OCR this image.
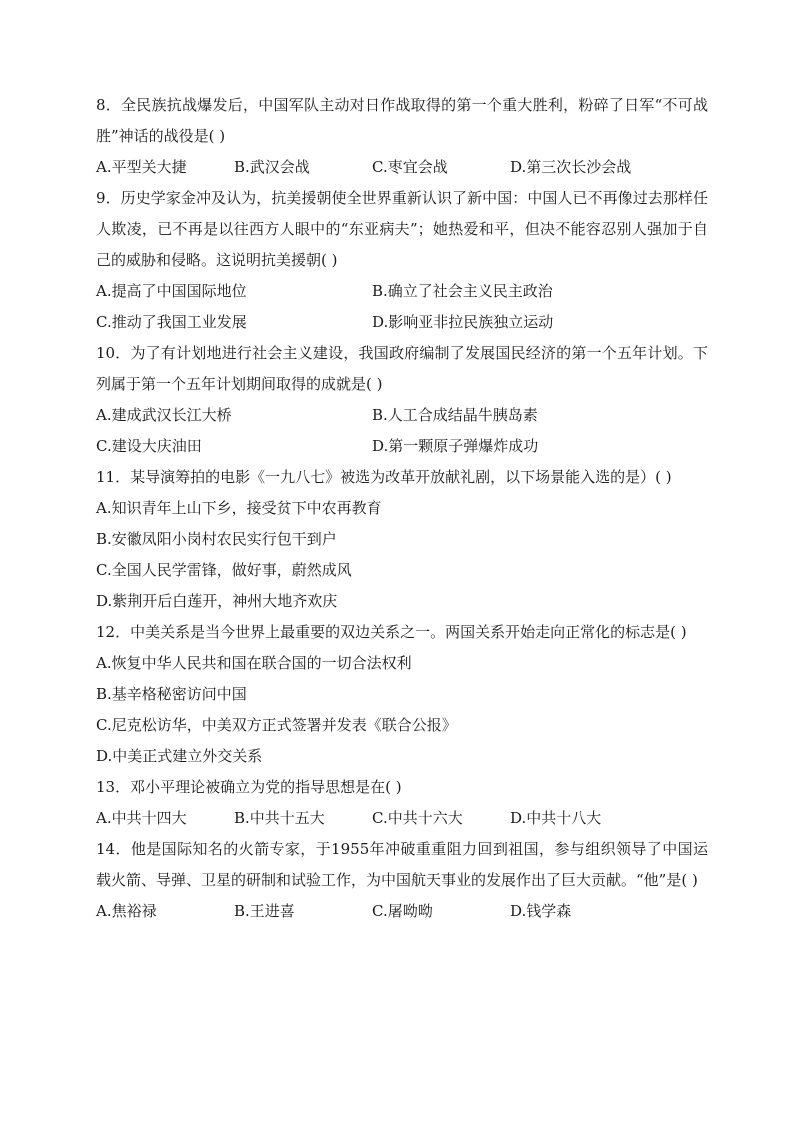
8．全民族抗战爆发后，中国军队主动对日作战取得的第一个重大胜利，粉碎了日军“不可战胜”神话的战役是( )

A.平型关大捷	B.武汉会战	C.枣宜会战	D.第三次长沙会战

9．历史学家金冲及认为，抗美援朝使全世界重新认识了新中国：中国人已不再像过去那样任人欺凌，已不再是以往西方人眼中的“东亚病夫”；她热爱和平，但决不能容忍别人强加于自己的威胁和侵略。这说明抗美援朝( )

A.提高了中国国际地位	B.确立了社会主义民主政治
C.推动了我国工业发展	D.影响亚非拉民族独立运动

10．为了有计划地进行社会主义建设，我国政府编制了发展国民经济的第一个五年计划。下列属于第一个五年计划期间取得的成就是( )

A.建成武汉长江大桥	B.人工合成结晶牛胰岛素
C.建设大庆油田	D.第一颗原子弹爆炸成功

11．某导演筹拍的电影《一九八七》被选为改革开放献礼剧，以下场景能入选的是）( )

A.知识青年上山下乡，接受贫下中农再教育
B.安徽凤阳小岗村农民实行包干到户
C.全国人民学雷锋，做好事，蔚然成风
D.紫荆开后白莲开，神州大地齐欢庆

12．中美关系是当今世界上最重要的双边关系之一。两国关系开始走向正常化的标志是( )

A.恢复中华人民共和国在联合国的一切合法权利
B.基辛格秘密访问中国
C.尼克松访华，中美双方正式签署并发表《联合公报》
D.中美正式建立外交关系

13．邓小平理论被确立为党的指导思想是在( )

A.中共十四大	B.中共十五大	C.中共十六大	D.中共十八大

14．他是国际知名的火箭专家，于1955年冲破重重阻力回到祖国，参与组织领导了中国运载火箭、导弹、卫星的研制和试验工作，为中国航天事业的发展作出了巨大贡献。“他”是( )

A.焦裕禄	B.王进喜	C.屠呦呦	D.钱学森
